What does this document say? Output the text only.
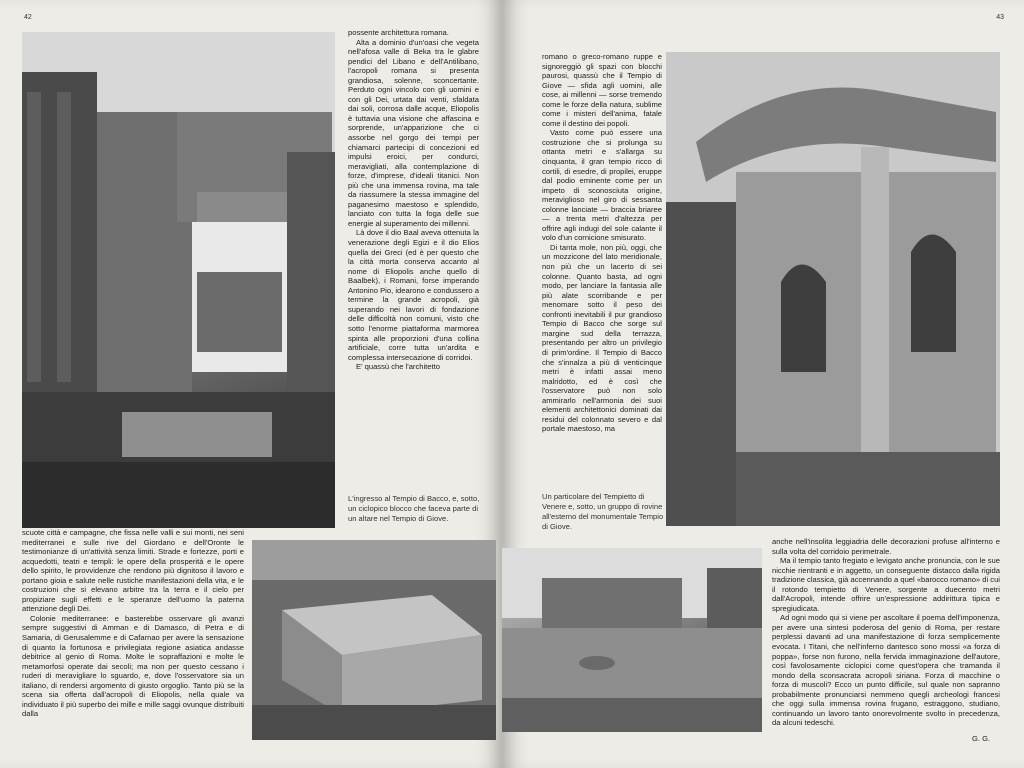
42

possente architettura romana.

Alta a dominio d'un'oasi che vegeta nell'afosa valle di Beka tra le glabre pendici del Libano e dell'Antilibano, l'acropoli romana si presenta grandiosa, solenne, sconcertante. Perduto ogni vincolo con gli uomini e con gli Dei, urtata dai venti, sfaldata dai soli, corrosa dalle acque, Eliopolis è tuttavia una visione che affascina e sorprende, un'apparizione che ci assorbe nel gorgo dei tempi per chiamarci partecipi di concezioni ed impulsi eroici, per condurci, meravigliati, alla contemplazione di forze, d'imprese, d'ideali titanici. Non più che una immensa rovina, ma tale da riassumere la stessa immagine del paganesimo maestoso e splendido, lanciato con tutta la foga delle sue energie al superamento dei millenni.

Là dove il dio Baal aveva ottenuta la venerazione degli Egizi e il dio Elios quella dei Greci (ed è per questo che la città morta conserva accanto al nome di Eliopolis anche quello di Baalbek), i Romani, forse imperando Antonino Pio, idearono e condussero a termine la grande acropoli, già superando nei lavori di fondazione delle difficoltà non comuni, visto che sotto l'enorme piattaforma marmorea spinta alle proporzioni d'una collina artificiale, corre tutta un'ardita e complessa intersecazione di corridoi.

E' quassù che l'architetto

L'ingresso al Tempio di Bacco, e, sotto, un ciclopico blocco che faceva parte di un altare nel Tempio di Giove.

scuote città e campagne, che fissa nelle valli e sui monti, nei seni mediterranei e sulle rive del Giordano e dell'Oronte le testimonianze di un'attività senza limiti. Strade e fortezze, porti e acquedotti, teatri e templi: le opere della prosperità e le opere dello spirito, le provvidenze che rendono più dignitoso il lavoro e portano gioia e salute nelle rustiche manifestazioni della vita, e le costruzioni che si elevano arbitre tra la terra e il cielo per propiziare sugli effetti e le speranze dell'uomo la paterna attenzione degli Dei.

Colonie mediterranee: e basterebbe osservare gli avanzi sempre suggestivi di Amman e di Damasco, di Petra e di Samaria, di Gerusalemme e di Cafarnao per avere la sensazione di quanto la fortunosa e privilegiata regione asiatica andasse debitrice al genio di Roma. Molte le sopraffazioni e molte le metamorfosi operate dai secoli; ma non per questo cessano i ruderi di meravigliare lo sguardo, e, dove l'osservatore sia un italiano, di rendersi argomento di giusto orgoglio. Tanto più se la scena sia offerta dall'acropoli di Eliopolis, nella quale va individuato il più superbo dei mille e mille saggi ovunque distribuiti dalla

43

romano o greco-romano ruppe e signoreggiò gli spazi con blocchi paurosi, quassù che il Tempio di Giove — sfida agli uomini, alle cose, ai millenni — sorse tremendo come le forze della natura, sublime come i misteri dell'anima, fatale come il destino dei popoli.

Vasto come può essere una costruzione che si prolunga su ottanta metri e s'allarga su cinquanta, il gran tempio ricco di cortili, di esedre, di propilei, eruppe dal podio eminente come per un impeto di sconosciuta origine, meraviglioso nel giro di sessanta colonne lanciate — braccia briaree — a trenta metri d'altezza per offrire agli indugi del sole calante il volo d'un cornicione smisurato.

Di tanta mole, non più, oggi, che un mozzicone del lato meridionale, non più che un lacerto di sei colonne. Quanto basta, ad ogni modo, per lanciare la fantasia alle più alate scorribande e per menomare sotto il peso dei confronti inevitabili il pur grandioso Tempio di Bacco che sorge sul margine sud della terrazza, presentando per altro un privilegio di prim'ordine. Il Tempio di Bacco che s'innalza a più di venticinque metri è infatti assai meno malridotto, ed è così che l'osservatore può non solo ammirarlo nell'armonia dei suoi elementi architettonici dominati dai residui del colonnato severo e dal portale maestoso, ma

Un particolare del Tempietto di Venere e, sotto, un gruppo di rovine all'esterno del monumentale Tempio di Giove.

anche nell'insolita leggiadria delle decorazioni profuse all'interno e sulla volta del corridoio perimetrale.

Ma il tempio tanto fregiato e levigato anche pronuncia, con le sue nicchie rientranti e in aggetto, un conseguente distacco dalla rigida tradizione classica, già accennando a quel «barocco romano» di cui il rotondo tempietto di Venere, sorgente a duecento metri dall'Acropoli, intende offrire un'espressione addirittura tipica e spregiudicata.

Ad ogni modo qui si viene per ascoltare il poema dell'imponenza, per avere una sintesi poderosa del genio di Roma, per restare perplessi davanti ad una manifestazione di forza semplicemente evocata. I Titani, che nell'inferno dantesco sono mossi «a forza di poppa», forse non furono, nella fervida immaginazione dell'autore, così favolosamente ciclopici come quest'opera che tramanda il mondo della sconsacrata acropoli siriana. Forza di macchine o forza di muscoli? Ecco un punto difficile, sul quale non sapranno probabilmente pronunciarsi nemmeno quegli archeologi francesi che oggi sulla immensa rovina frugano, estraggono, studiano, continuando un lavoro tanto onorevolmente svolto in precedenza, da alcuni tedeschi.

G. G.
